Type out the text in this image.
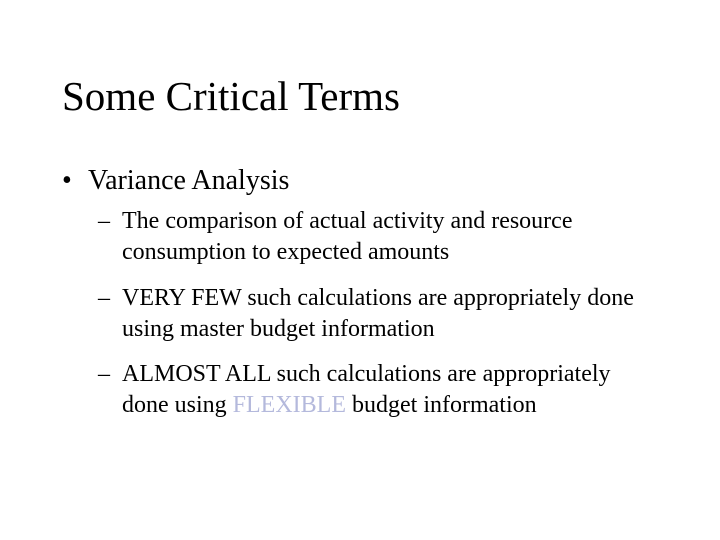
Some Critical Terms
• Variance Analysis
– The comparison of actual activity and resource consumption to expected amounts
– VERY FEW such calculations are appropriately done using master budget information
– ALMOST ALL such calculations are appropriately done using FLEXIBLE budget information
